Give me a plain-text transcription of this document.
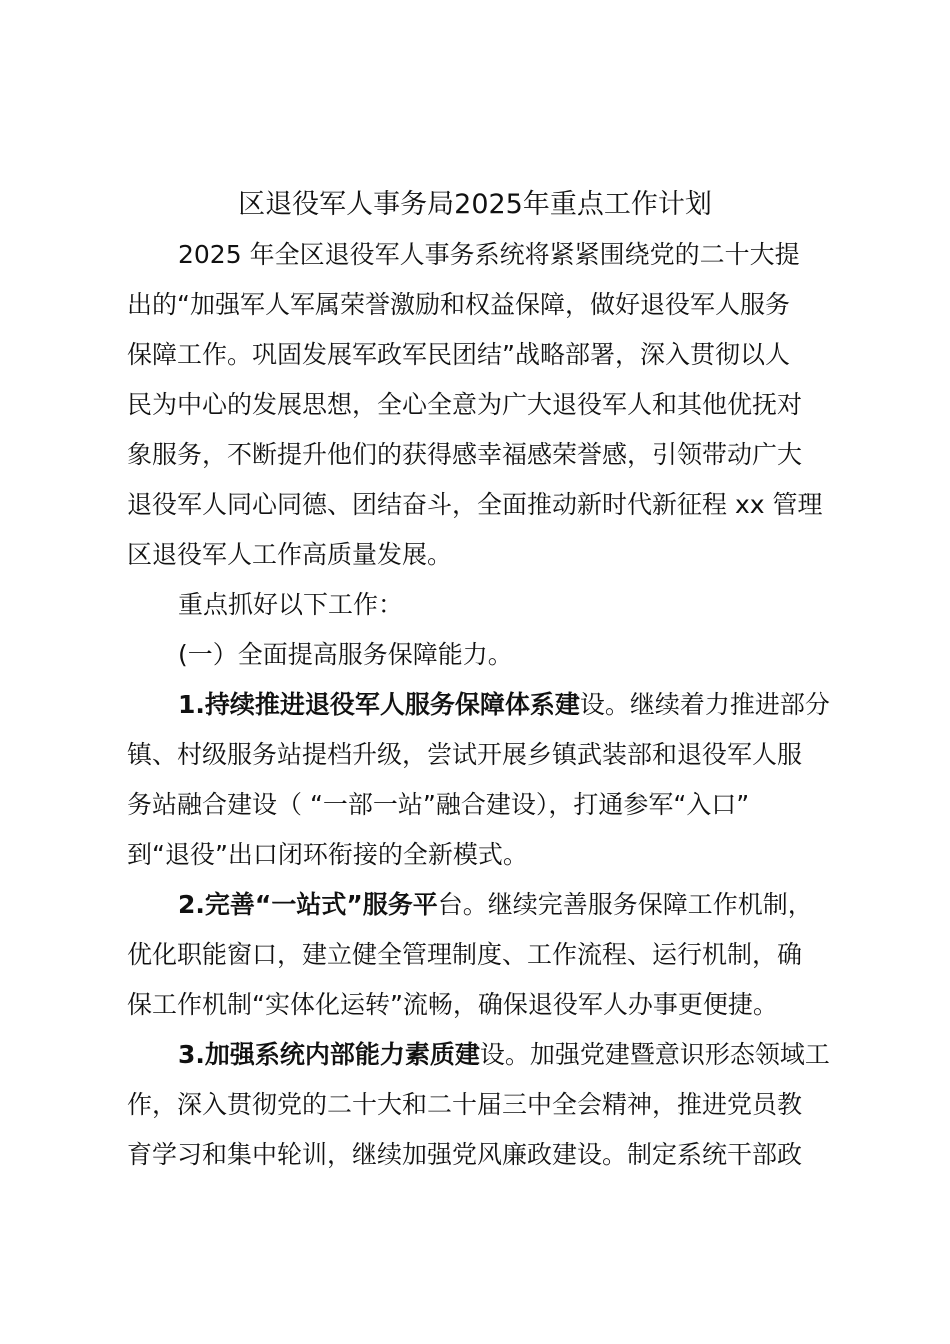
区退役军人事务局2025年重点工作计划
2025 年全区退役军人事务系统将紧紧围绕党的二十大提
出的“加强军人军属荣誉激励和权益保障，做好退役军人服务
保障工作。巩固发展军政军民团结”战略部署，深入贯彻以人
民为中心的发展思想，全心全意为广大退役军人和其他优抚对
象服务，不断提升他们的获得感幸福感荣誉感，引领带动广大
退役军人同心同德、团结奋斗，全面推动新时代新征程 xx 管理
区退役军人工作高质量发展。
重点抓好以下工作：
(一）全面提高服务保障能力。
1.持续推进退役军人服务保障体系建设。继续着力推进部分
镇、村级服务站提档升级，尝试开展乡镇武装部和退役军人服
务站融合建设（ “一部一站”融合建设），打通参军“入口”
到“退役”出口闭环衔接的全新模式。
2.完善“一站式”服务平台。继续完善服务保障工作机制，
优化职能窗口，建立健全管理制度、工作流程、运行机制，确
保工作机制“实体化运转”流畅，确保退役军人办事更便捷。
3.加强系统内部能力素质建设。加强党建暨意识形态领域工
作，深入贯彻党的二十大和二十届三中全会精神，推进党员教
育学习和集中轮训，继续加强党风廉政建设。制定系统干部政
